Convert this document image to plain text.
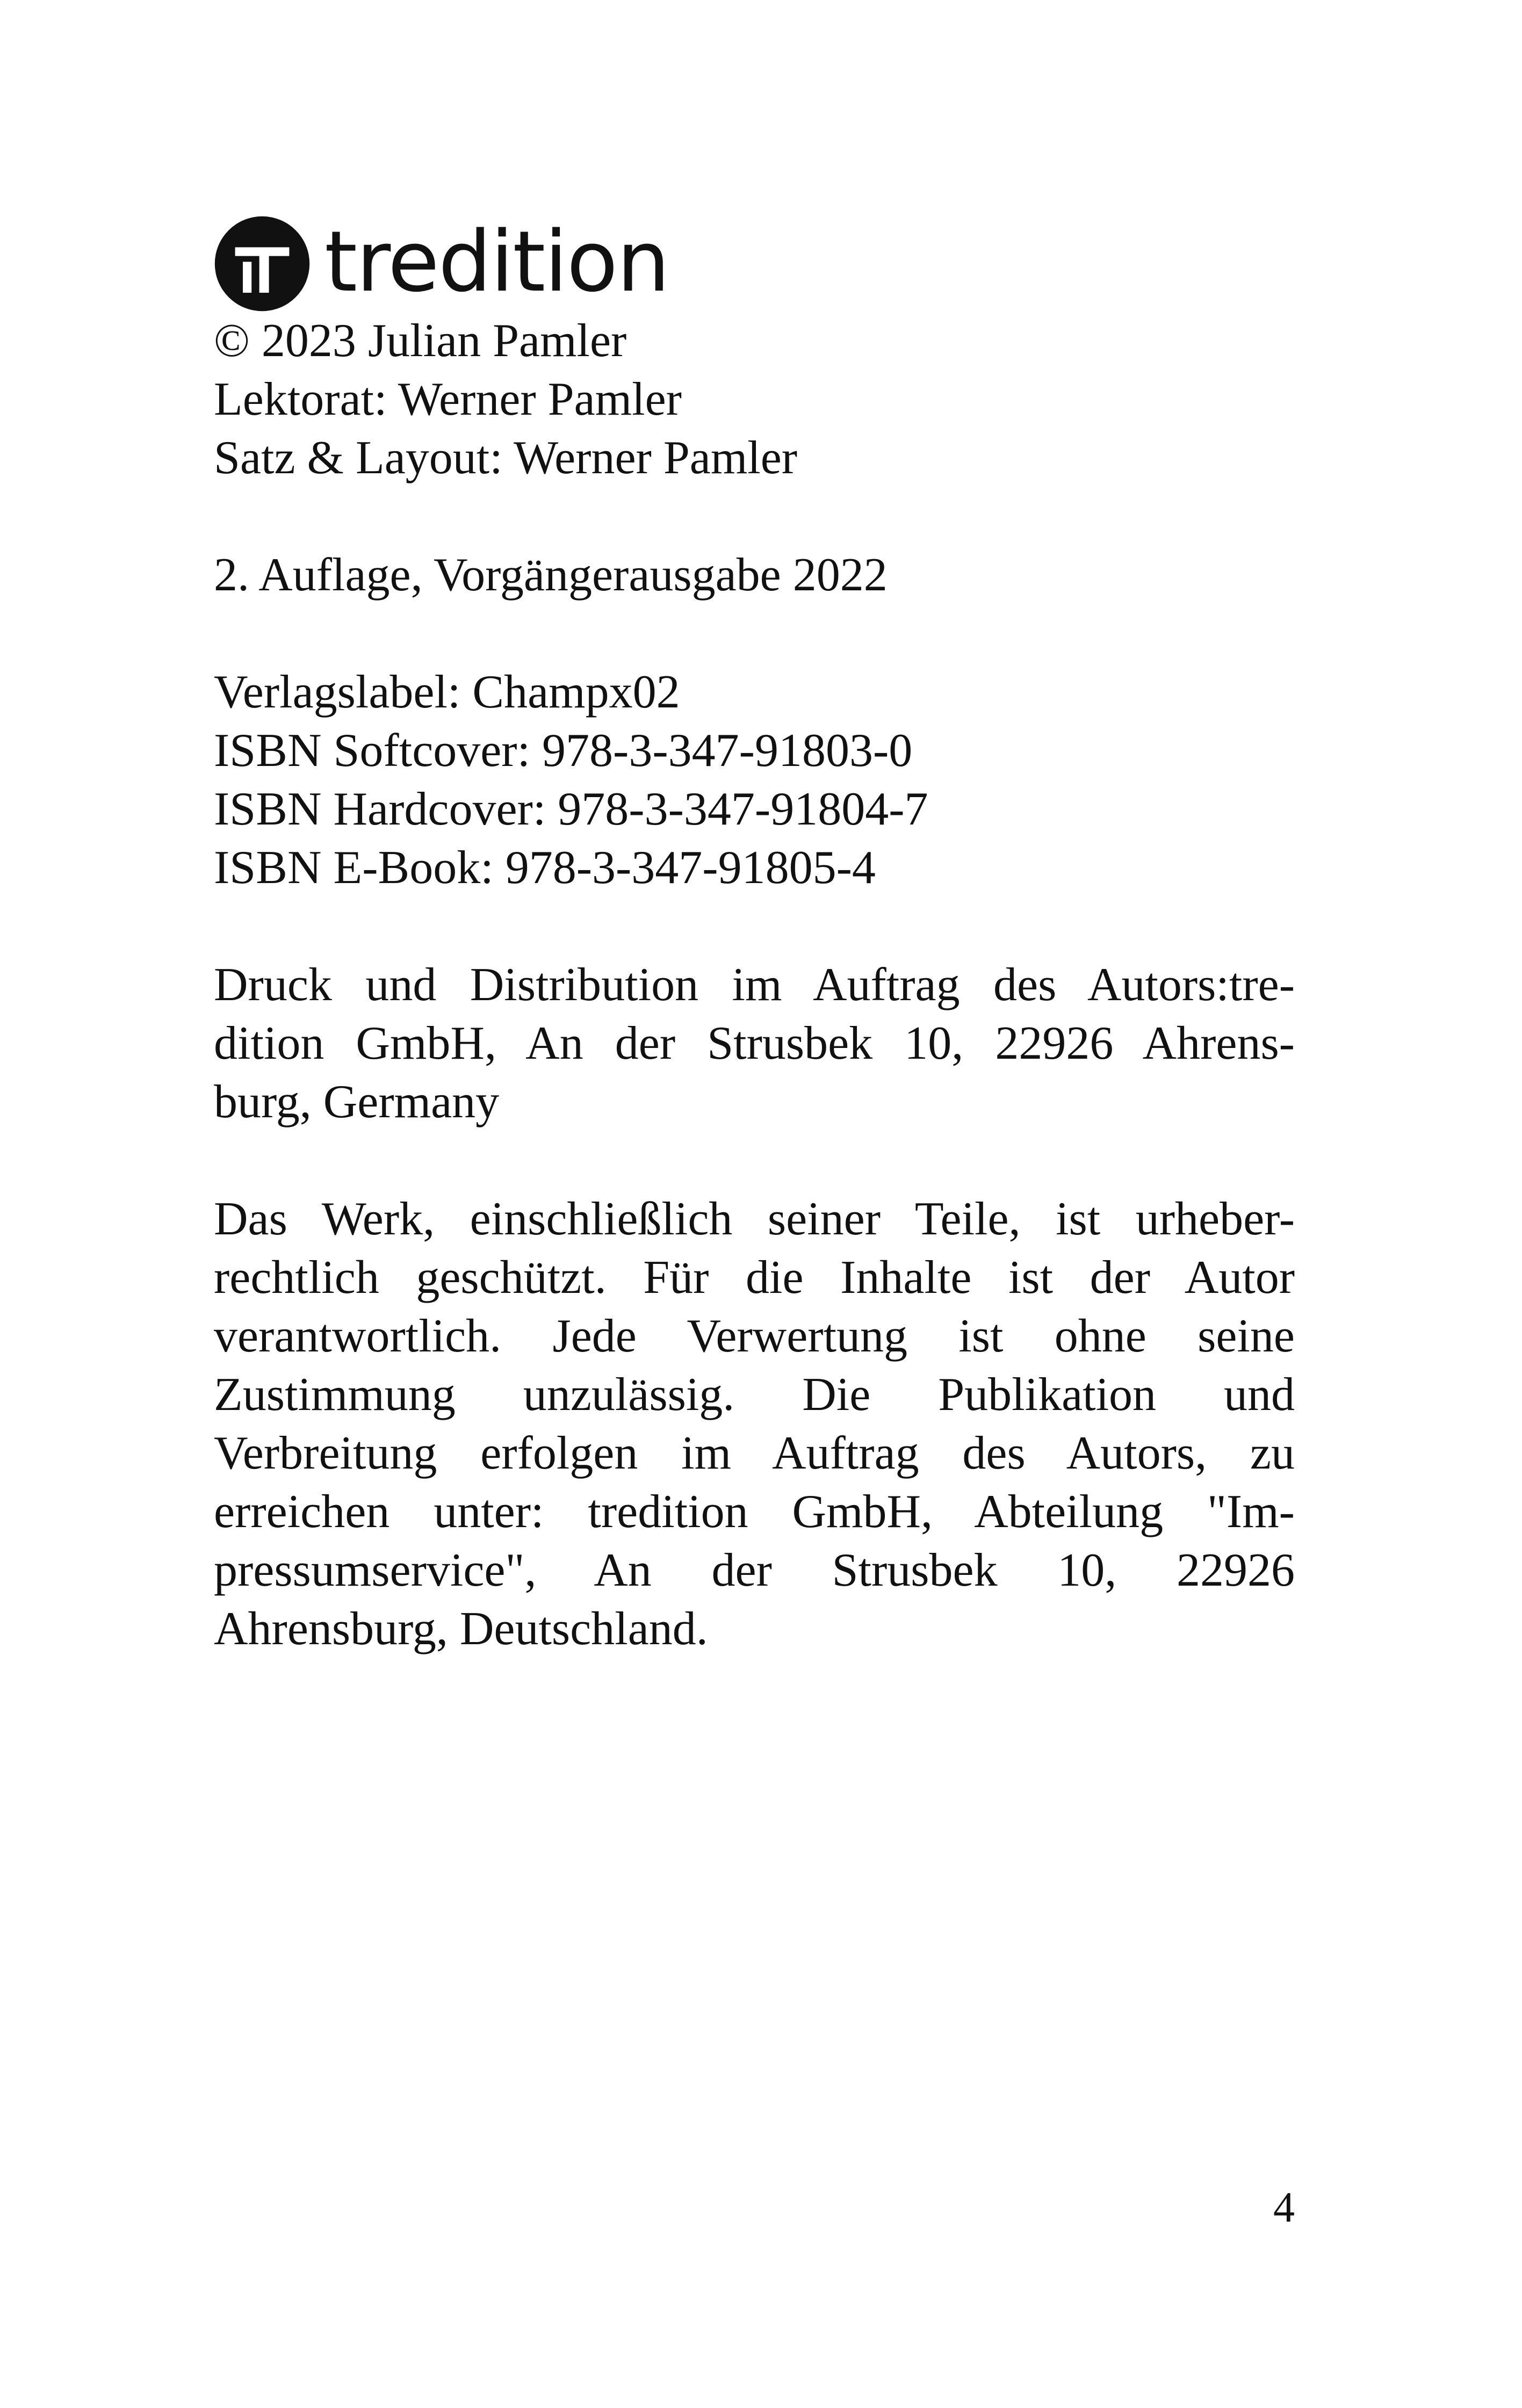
tredition
© 2023 Julian Pamler
Lektorat: Werner Pamler
Satz & Layout: Werner Pamler
2. Auflage, Vorgängerausgabe 2022
Verlagslabel: Champx02
ISBN Softcover: 978-3-347-91803-0
ISBN Hardcover: 978-3-347-91804-7
ISBN E-Book: 978-3-347-91805-4
Druck und Distribution im Auftrag des Autors:tre-
dition GmbH, An der Strusbek 10, 22926 Ahrens-
burg, Germany
Das Werk, einschließlich seiner Teile, ist urheber-
rechtlich geschützt. Für die Inhalte ist der Autor
verantwortlich. Jede Verwertung ist ohne seine
Zustimmung unzulässig. Die Publikation und
Verbreitung erfolgen im Auftrag des Autors, zu
erreichen unter: tredition GmbH, Abteilung "Im-
pressumservice", An der Strusbek 10, 22926
Ahrensburg, Deutschland.
4
